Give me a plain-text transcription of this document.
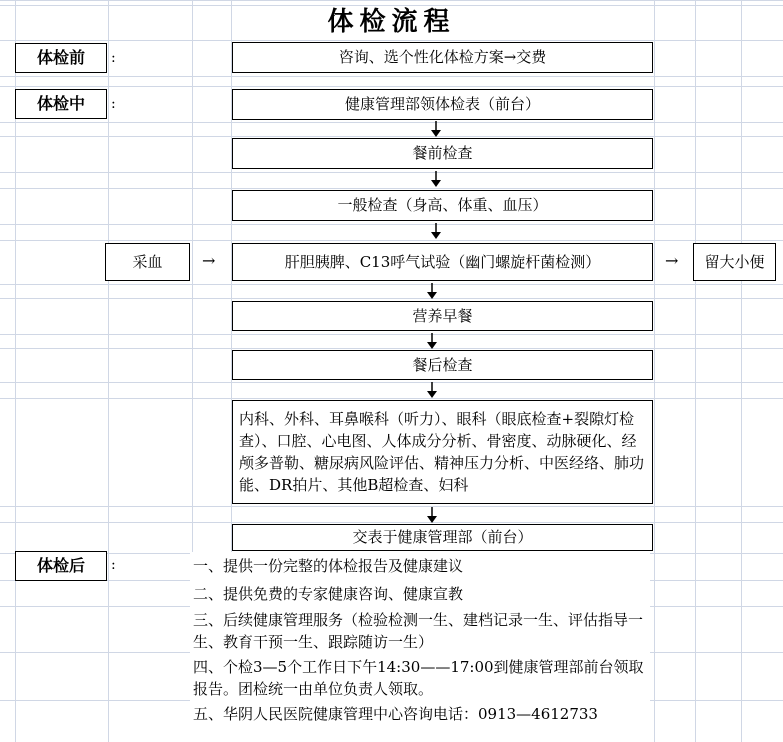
体检流程
体检前	:
体检中	:
体检后	:
咨询、选个性化体检方案→交费
健康管理部领体检表（前台）
餐前检查
一般检查（身高、体重、血压）
采血	→	肝胆胰脾、C13呼气试验（幽门螺旋杆菌检测）	→	留大小便
营养早餐
餐后检查
内科、外科、耳鼻喉科（听力）、眼科（眼底检查+裂隙灯检查）、口腔、心电图、人体成分分析、骨密度、动脉硬化、经颅多普勒、糖尿病风险评估、精神压力分析、中医经络、肺功能、DR拍片、其他B超检查、妇科
交表于健康管理部（前台）
一、提供一份完整的体检报告及健康建议
二、提供免费的专家健康咨询、健康宣教
三、后续健康管理服务（检验检测一生、建档记录一生、评估指导一生、教育干预一生、跟踪随访一生）
四、个检3—5个工作日下午14:30——17:00到健康管理部前台领取报告。团检统一由单位负责人领取。
五、华阴人民医院健康管理中心咨询电话：0913—4612733
